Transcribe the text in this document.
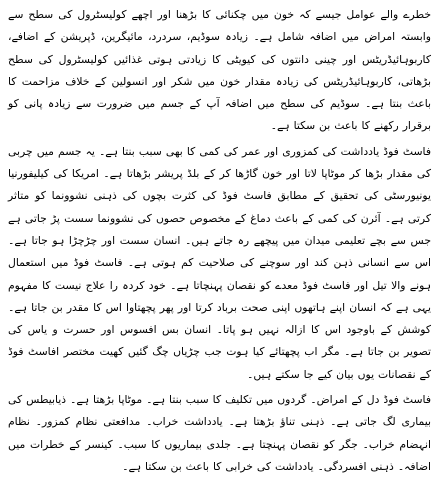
خطرے والے عوامل جیسے کہ خون میں چکنائی کا بڑھنا اور اچھے کولیسٹرول کی سطح سے وابستہ امراض میں اضافہ شامل ہے۔ زیادہ سوڈیم، سردرد، مائیگرین، ڈپریشن کے اضافے، کاربوہائیڈریٹس اور چینی دانتوں کی کیویٹی کا زیادتی ہوتی غذائیں کولیسٹرول کی سطح بڑھاتی، کاربوہائیڈریٹس کی زیادہ مقدار خون میں شکر اور انسولین کے خلاف مزاحمت کا باعث بنتا ہے۔ سوڈیم کی سطح میں اضافہ آپ کے جسم میں ضرورت سے زیادہ پانی کو برقرار رکھنے کا باعث بن سکتا ہے۔

فاسٹ فوڈ یادداشت کی کمزوری اور عمر کی کمی کا بھی سبب بنتا ہے۔ یہ جسم میں چربی کی مقدار بڑھا کر موٹاپا لاتا اور خون گاڑھا کر کے بلڈ پریشر بڑھاتا ہے۔ امریکا کی کیلیفورنیا یونیورسٹی کی تحقیق کے مطابق فاسٹ فوڈ کی کثرت بچوں کی ذہنی نشوونما کو متاثر کرتی ہے۔ آئرن کی کمی کے باعث دماغ کے مخصوص حصوں کی نشوونما سست پڑ جاتی ہے جس سے بچے تعلیمی میدان میں پیچھے رہ جاتے ہیں۔ انسان سست اور چڑچڑا ہو جاتا ہے۔ اس سے انسانی ذہن کند اور سوچنے کی صلاحیت کم ہوتی ہے۔ فاسٹ فوڈ میں استعمال ہونے والا تیل اور فاسٹ فوڈ معدے کو نقصان پہنچاتا ہے۔ خود کردہ را علاج نیست کا مفہوم یہی ہے کہ انسان اپنے ہاتھوں اپنی صحت برباد کرتا اور پھر پچھتاوا اس کا مقدر بن جاتا ہے۔ کوشش کے باوجود اس کا ازالہ نہیں ہو پاتا۔ انسان بس افسوس اور حسرت و یاس کی تصویر بن جاتا ہے۔ مگر اب پچھتائے کیا ہوت جب چڑیاں چگ گئیں کھیت مختصر افاسٹ فوڈ کے نقصانات یوں بیان کیے جا سکتے ہیں۔

فاسٹ فوڈ دل کے امراض۔ گردوں میں تکلیف کا سبب بنتا ہے۔ موٹاپا بڑھتا ہے۔ ذیابیطس کی بیماری لگ جاتی ہے۔ ذہنی تناؤ بڑھتا ہے۔ یادداشت خراب۔ مدافعتی نظام کمزور۔ نظام انہضام خراب۔ جگر کو نقصان پہنچتا ہے۔ جلدی بیماریوں کا سبب۔ کینسر کے خطرات میں اضافہ۔ ذہنی افسردگی۔ یادداشت کی خرابی کا باعث بن سکتا ہے۔
